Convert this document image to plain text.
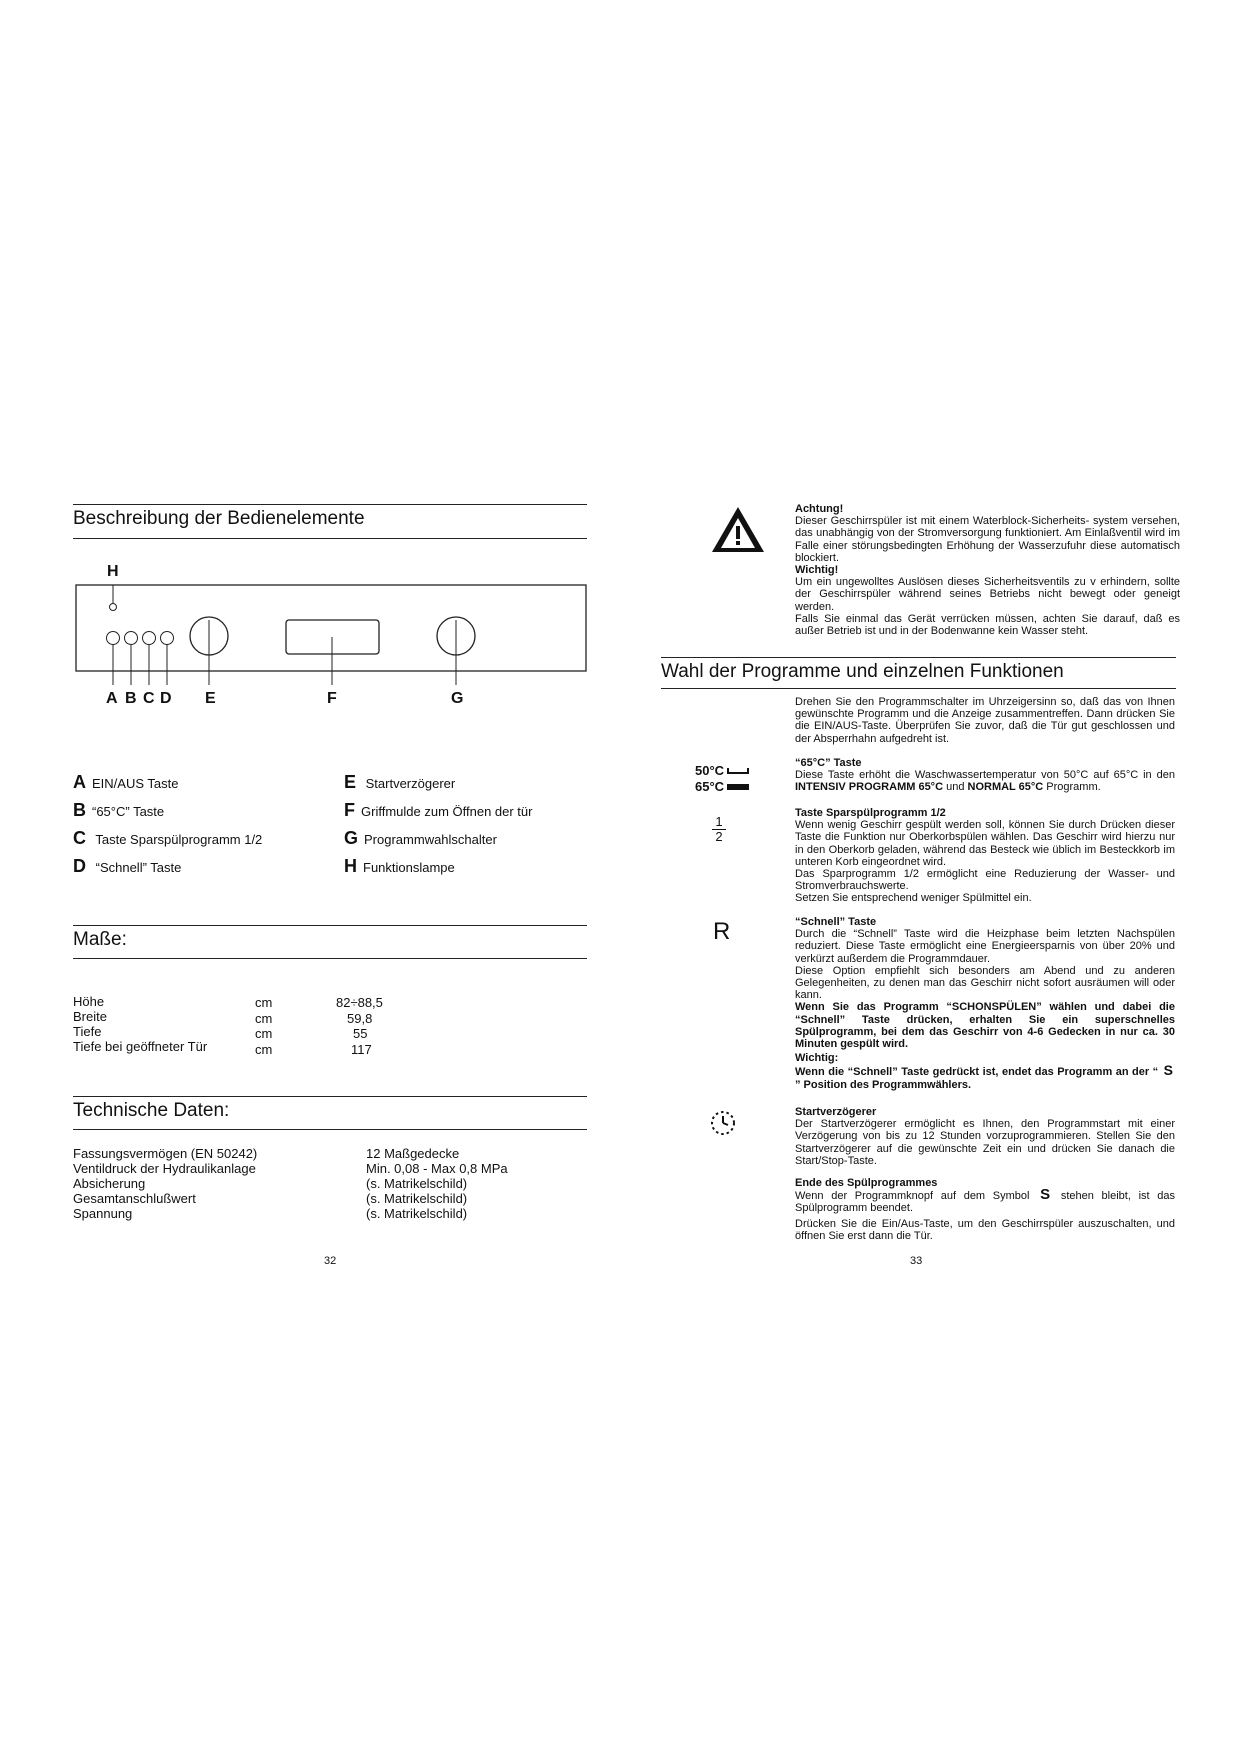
Beschreibung der Bedienelemente
H
A B C D E	F	G
A EIN/AUS Taste
B “65°C” Taste
C Taste Sparspülprogramm 1/2
D “Schnell” Taste
E Startverzögerer
F Griffmulde zum Öffnen der tür
G Programmwahlschalter
H Funktionslampe
Maße:
Höhe	cm	82÷88,5
Breite	cm	59,8
Tiefe	cm	55
Tiefe bei geöffneter Tür	cm	117
Technische Daten:
Fassungsvermögen (EN 50242)	12 Maßgedecke
Ventildruck der Hydraulikanlage	Min. 0,08 - Max 0,8 MPa
Absicherung	(s. Matrikelschild)
Gesamtanschlußwert	(s. Matrikelschild)
Spannung	(s. Matrikelschild)
32
Achtung!
Dieser Geschirrspüler ist mit einem Waterblock-Sicherheits- system versehen, das unabhängig von der Stromversorgung funktioniert. Am Einlaßventil wird im Falle einer störungsbedingten Erhöhung der Wasserzufuhr diese automatisch blockiert.
Wichtig!
Um ein ungewolltes Auslösen dieses Sicherheitsventils zu v erhindern, sollte der Geschirrspüler während seines Betriebs nicht bewegt oder geneigt werden.
Falls Sie einmal das Gerät verrücken müssen, achten Sie darauf, daß es außer Betrieb ist und in der Bodenwanne kein Wasser steht.
Wahl der Programme und einzelnen Funktionen
Drehen Sie den Programmschalter im Uhrzeigersinn so, daß das von Ihnen gewünschte Programm und die Anzeige zusammentreffen. Dann drücken Sie die EIN/AUS-Taste. Überprüfen Sie zuvor, daß die Tür gut geschlossen und der Absperrhahn aufgedreht ist.
50°C
65°C
“65°C” Taste
Diese Taste erhöht die Waschwassertemperatur von 50°C auf 65°C in den INTENSIV PROGRAMM 65°C und NORMAL 65°C Programm.
1
2
Taste Sparspülprogramm 1/2
Wenn wenig Geschirr gespült werden soll, können Sie durch Drücken dieser Taste die Funktion nur Oberkorbspülen wählen. Das Geschirr wird hierzu nur in den Oberkorb geladen, während das Besteck wie üblich im Besteckkorb im unteren Korb eingeordnet wird.
Das Sparprogramm 1/2 ermöglicht eine Reduzierung der Wasser- und Stromverbrauchswerte.
Setzen Sie entsprechend weniger Spülmittel ein.
R	“Schnell” Taste
Durch die “Schnell” Taste wird die Heizphase beim letzten Nachspülen reduziert. Diese Taste ermöglicht eine Energieersparnis von über 20% und verkürzt außerdem die Programmdauer.
Diese Option empfiehlt sich besonders am Abend und zu anderen Gelegenheiten, zu denen man das Geschirr nicht sofort ausräumen will oder kann.
Wenn Sie das Programm “SCHONSPÜLEN” wählen und dabei die “Schnell” Taste drücken, erhalten Sie ein superschnelles Spülprogramm, bei dem das Geschirr von 4-6 Gedecken in nur ca. 30 Minuten gespült wird.
Wichtig:
Wenn die “Schnell” Taste gedrückt ist, endet das Programm an der “ S ” Position des Programmwählers.
Startverzögerer
Der Startverzögerer ermöglicht es Ihnen, den Programmstart mit einer Verzögerung von bis zu 12 Stunden vorzuprogrammieren. Stellen Sie den Startverzögerer auf die gewünschte Zeit ein und drücken Sie danach die Start/Stop-Taste.
Ende des Spülprogrammes
Wenn der Programmknopf auf dem Symbol S stehen bleibt, ist das Spülprogramm beendet.
Drücken Sie die Ein/Aus-Taste, um den Geschirrspüler auszuschalten, und öffnen Sie erst dann die Tür.
33
